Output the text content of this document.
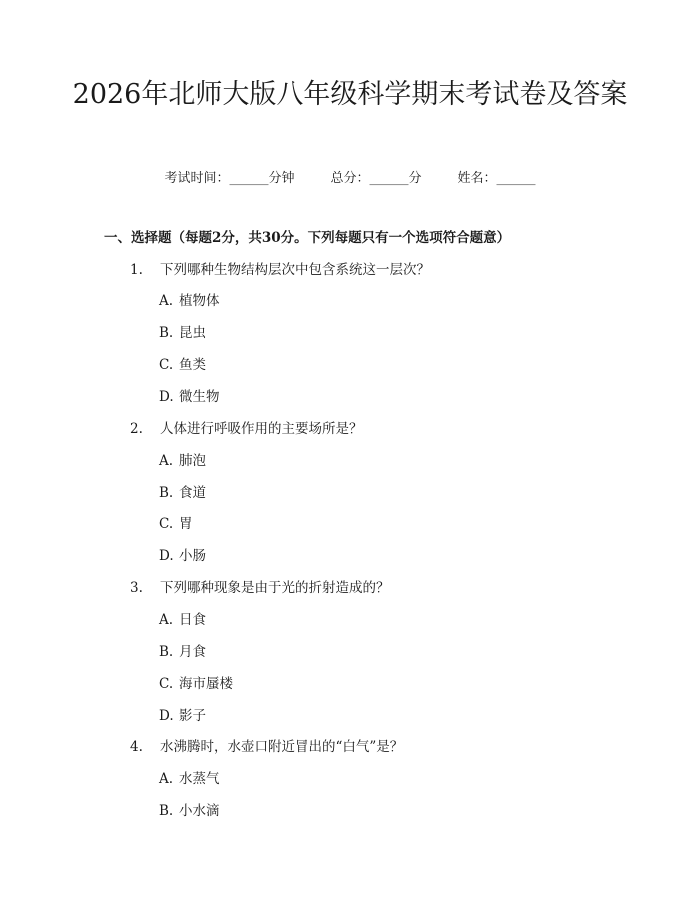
2026年北师大版八年级科学期末考试卷及答案
考试时间：______分钟	总分：______分	姓名：______
一、选择题（每题2分，共30分。下列每题只有一个选项符合题意）
1. 下列哪种生物结构层次中包含系统这一层次？
A. 植物体
B. 昆虫
C. 鱼类
D. 微生物
2. 人体进行呼吸作用的主要场所是？
A. 肺泡
B. 食道
C. 胃
D. 小肠
3. 下列哪种现象是由于光的折射造成的？
A. 日食
B. 月食
C. 海市蜃楼
D. 影子
4. 水沸腾时，水壶口附近冒出的“白气”是？
A. 水蒸气
B. 小水滴
